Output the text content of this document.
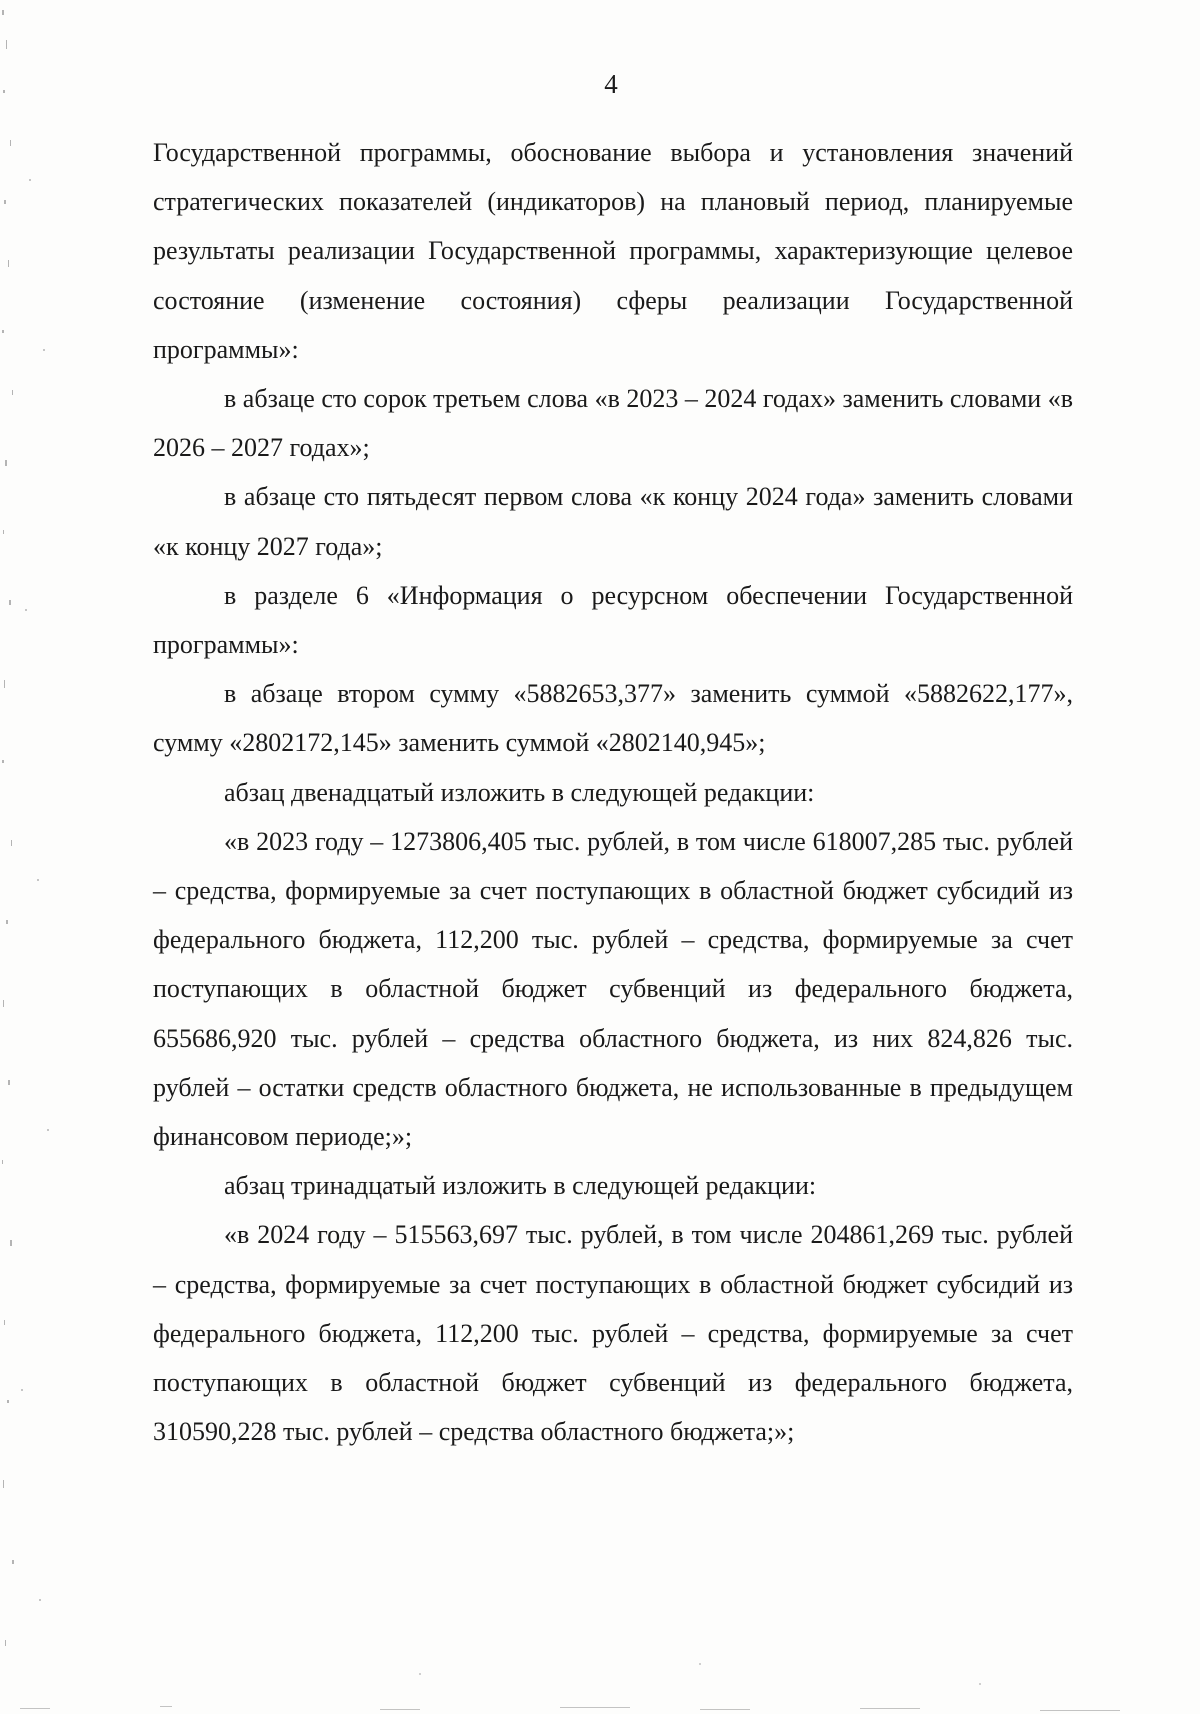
4

Государственной программы, обоснование выбора и установления значений стратегических показателей (индикаторов) на плановый период, планируемые результаты реализации Государственной программы, характеризующие целевое состояние (изменение состояния) сферы реализации Государственной программы»:

в абзаце сто сорок третьем слова «в 2023 – 2024 годах» заменить словами «в 2026 – 2027 годах»;

в абзаце сто пятьдесят первом слова «к концу 2024 года» заменить словами «к концу 2027 года»;

в разделе 6 «Информация о ресурсном обеспечении Государственной программы»:

в абзаце втором сумму «5882653,377» заменить суммой «5882622,177», сумму «2802172,145» заменить суммой «2802140,945»;

абзац двенадцатый изложить в следующей редакции:

«в 2023 году – 1273806,405 тыс. рублей, в том числе 618007,285 тыс. рублей – средства, формируемые за счет поступающих в областной бюджет субсидий из федерального бюджета, 112,200 тыс. рублей – средства, формируемые за счет поступающих в областной бюджет субвенций из федерального бюджета, 655686,920 тыс. рублей – средства областного бюджета, из них 824,826 тыс. рублей – остатки средств областного бюджета, не использованные в предыдущем финансовом периоде;»;

абзац тринадцатый изложить в следующей редакции:

«в 2024 году – 515563,697 тыс. рублей, в том числе 204861,269 тыс. рублей – средства, формируемые за счет поступающих в областной бюджет субсидий из федерального бюджета, 112,200 тыс. рублей – средства, формируемые за счет поступающих в областной бюджет субвенций из федерального бюджета, 310590,228 тыс. рублей – средства областного бюджета;»;
